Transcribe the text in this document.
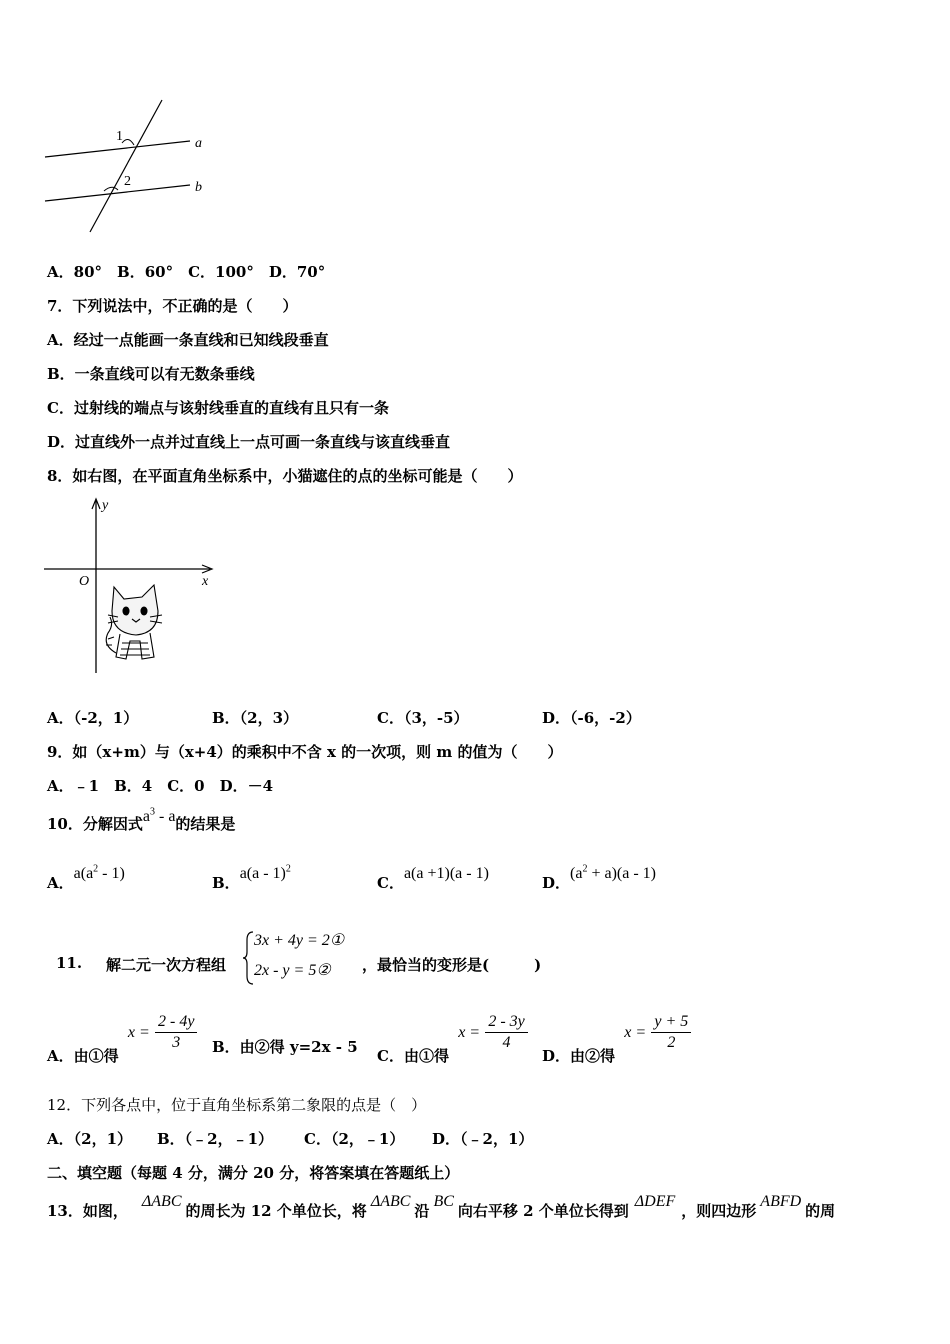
1
2
a
b
A．80°　B．60°　C．100°　D．70°
7．下列说法中，不正确的是（　　）
A．经过一点能画一条直线和已知线段垂直
B．一条直线可以有无数条垂线
C．过射线的端点与该射线垂直的直线有且只有一条
D．过直线外一点并过直线上一点可画一条直线与该直线垂直
8．如右图，在平面直角坐标系中，小猫遮住的点的坐标可能是（　　）
y
x
O
A．（-2，1）	B．（2，3）	C．（3，-5）	D．（-6，-2）
9．如（x+m）与（x+4）的乘积中不含 x 的一次项，则 m 的值为（　　）
A．﹣1　B．4　C．0　D．－4
10．分解因式$a^3$ - a的结果是
A．$a(a^2 - 1)$
B．a(a - 1)$^2$
C．a(a +1)(a - 1)
D．$(a^2 + a)(a - 1)$
11. 解二元一次方程组
3x + 4y = 2①
2x - y = 5② ，最恰当的变形是(　　　)
A．由①得 $x = \frac{2 - 4y}{3}$ B．由②得 y=2x - 5 C．由①得 $x = \frac{2 - 3y}{4}$
D．由②得 $x = \frac{y + 5}{2}$
12．下列各点中，位于直角坐标系第二象限的点是（　）
A．（2，1） B．（﹣2，﹣1） C．（2，﹣1） D．（﹣2，1）
二、填空题（每题 4 分，满分 20 分，将答案填在答题纸上）
13．如图，ΔABC的周长为 12 个单位长，将ΔABC沿BC向右平移 2 个单位长得到ΔDEF，则四边形ABFD的周
